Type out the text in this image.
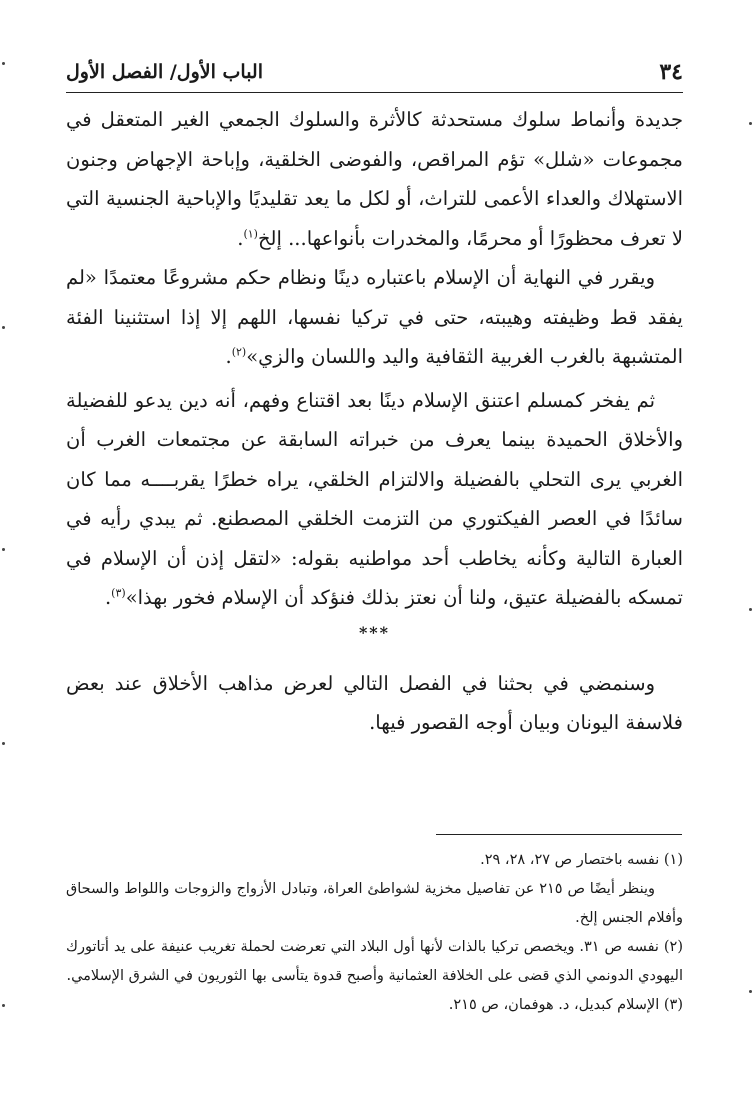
٣٤
الباب الأول/ الفصل الأول

جديدة وأنماط سلوك مستحدثة كالأثرة والسلوك الجمعي الغير المتعقل في مجموعات «شلل» تؤم المراقص، والفوضى الخلقية، وإباحة الإجهاض وجنون الاستهلاك والعداء الأعمى للتراث، أو لكل ما يعد تقليديًا والإباحية الجنسية التي لا تعرف محظورًا أو محرمًا، والمخدرات بأنواعها... إلخ$^{(١)}$.

ويقرر في النهاية أن الإسلام باعتباره دينًا ونظام حكم مشروعًا معتمدًا «لم يفقد قط وظيفته وهيبته، حتى في تركيا نفسها، اللهم إلا إذا استثنينا الفئة المتشبهة بالغرب الغربية الثقافية واليد واللسان والزي»$^{(٢)}$.

ثم يفخر كمسلم اعتنق الإسلام دينًا بعد اقتناع وفهم، أنه دين يدعو للفضيلة والأخلاق الحميدة بينما يعرف من خبراته السابقة عن مجتمعات الغرب أن الغربي يرى التحلي بالفضيلة والالتزام الخلقي، يراه خطرًا يقربــــه مما كان سائدًا في العصر الفيكتوري من التزمت الخلقي المصطنع. ثم يبدي رأيه في العبارة التالية وكأنه يخاطب أحد مواطنيه بقوله: «لتقل إذن أن الإسلام في تمسكه بالفضيلة عتيق، ولنا أن نعتز بذلك فنؤكد أن الإسلام فخور بهذا»$^{(٣)}$.

***

وسنمضي في بحثنا في الفصل التالي لعرض مذاهب الأخلاق عند بعض فلاسفة اليونان وبيان أوجه القصور فيها.

(١) نفسه باختصار ص ٢٧، ٢٨، ٢٩.

وينظر أيضًا ص ٢١٥ عن تفاصيل مخزية لشواطئ العراة، وتبادل الأزواج والزوجات واللواط والسحاق وأفلام الجنس إلخ.

(٢) نفسه ص ٣١. ويخصص تركيا بالذات لأنها أول البلاد التي تعرضت لحملة تغريب عنيفة على يد أتاتورك اليهودي الدونمي الذي قضى على الخلافة العثمانية وأصبح قدوة يتأسى بها الثوريون في الشرق الإسلامي.

(٣) الإسلام كبديل، د. هوفمان، ص ٢١٥.
